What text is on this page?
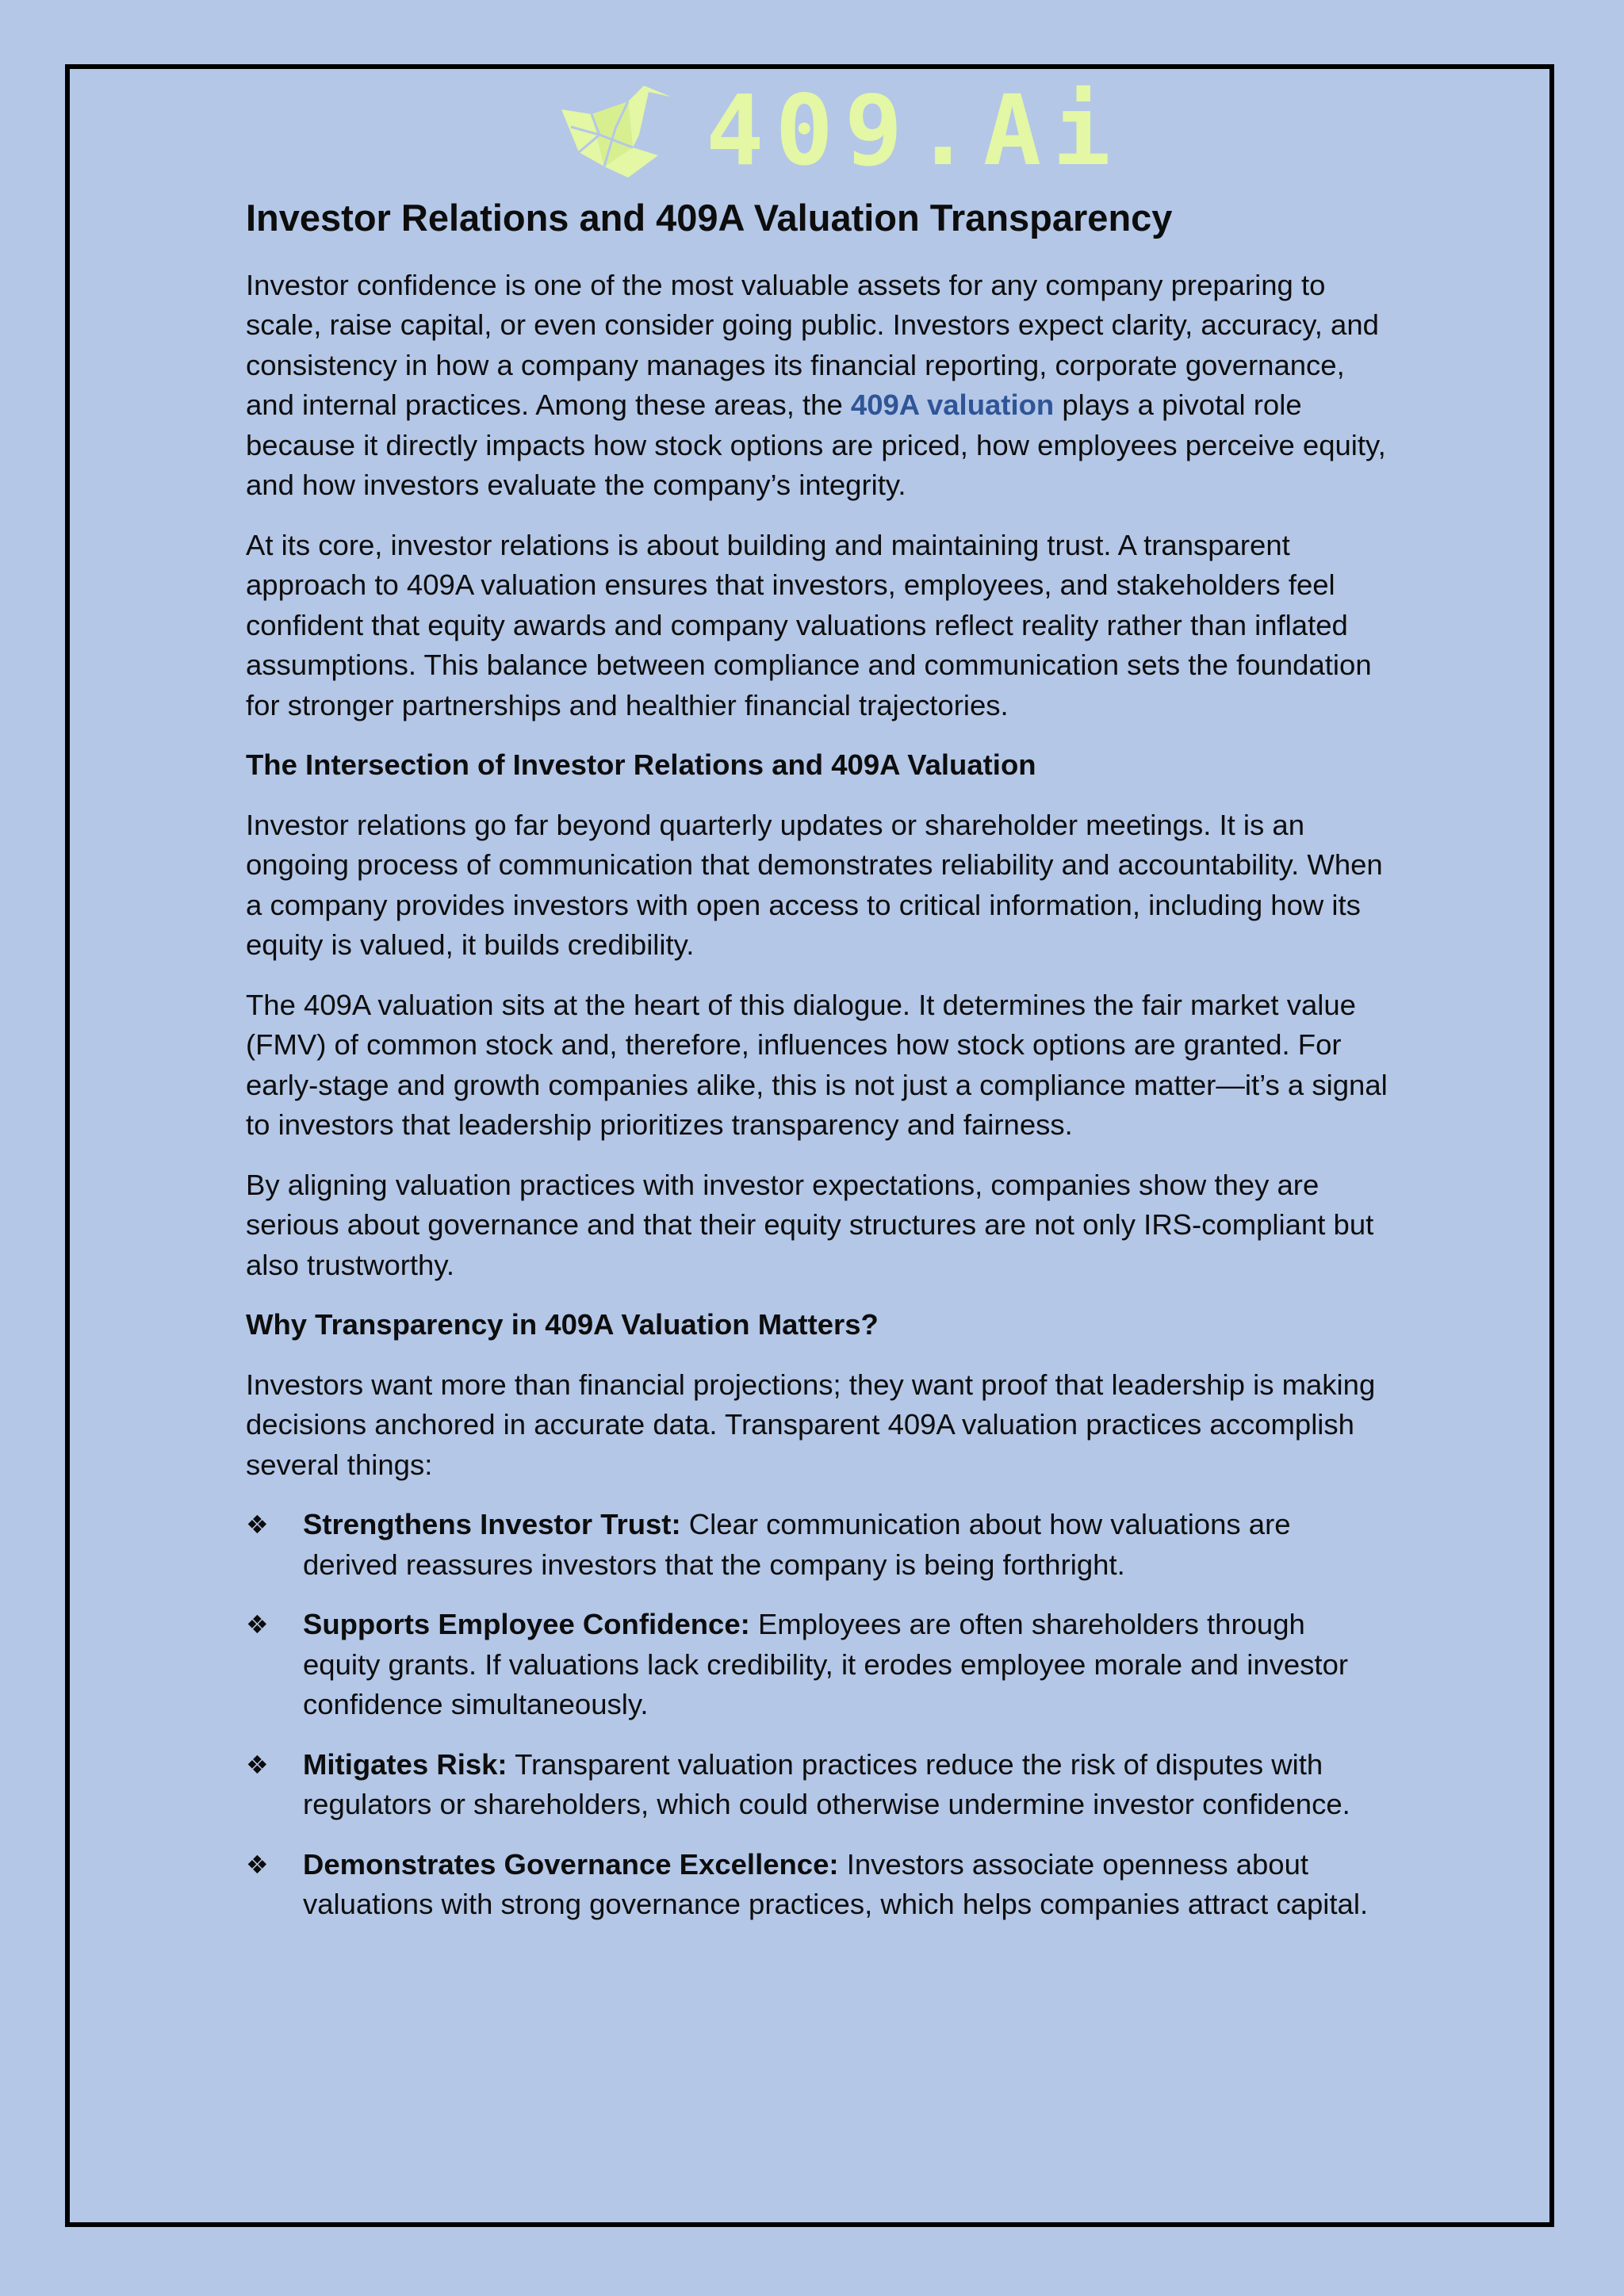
409.Ai
Investor Relations and 409A Valuation Transparency

Investor confidence is one of the most valuable assets for any company preparing to scale, raise capital, or even consider going public. Investors expect clarity, accuracy, and consistency in how a company manages its financial reporting, corporate governance, and internal practices. Among these areas, the 409A valuation plays a pivotal role because it directly impacts how stock options are priced, how employees perceive equity, and how investors evaluate the company’s integrity.

At its core, investor relations is about building and maintaining trust. A transparent approach to 409A valuation ensures that investors, employees, and stakeholders feel confident that equity awards and company valuations reflect reality rather than inflated assumptions. This balance between compliance and communication sets the foundation for stronger partnerships and healthier financial trajectories.

The Intersection of Investor Relations and 409A Valuation

Investor relations go far beyond quarterly updates or shareholder meetings. It is an ongoing process of communication that demonstrates reliability and accountability. When a company provides investors with open access to critical information, including how its equity is valued, it builds credibility.

The 409A valuation sits at the heart of this dialogue. It determines the fair market value (FMV) of common stock and, therefore, influences how stock options are granted. For early-stage and growth companies alike, this is not just a compliance matter—it’s a signal to investors that leadership prioritizes transparency and fairness.

By aligning valuation practices with investor expectations, companies show they are serious about governance and that their equity structures are not only IRS-compliant but also trustworthy.

Why Transparency in 409A Valuation Matters?

Investors want more than financial projections; they want proof that leadership is making decisions anchored in accurate data. Transparent 409A valuation practices accomplish several things:

❖ Strengthens Investor Trust: Clear communication about how valuations are derived reassures investors that the company is being forthright.
❖ Supports Employee Confidence: Employees are often shareholders through equity grants. If valuations lack credibility, it erodes employee morale and investor confidence simultaneously.
❖ Mitigates Risk: Transparent valuation practices reduce the risk of disputes with regulators or shareholders, which could otherwise undermine investor confidence.
❖ Demonstrates Governance Excellence: Investors associate openness about valuations with strong governance practices, which helps companies attract capital.
